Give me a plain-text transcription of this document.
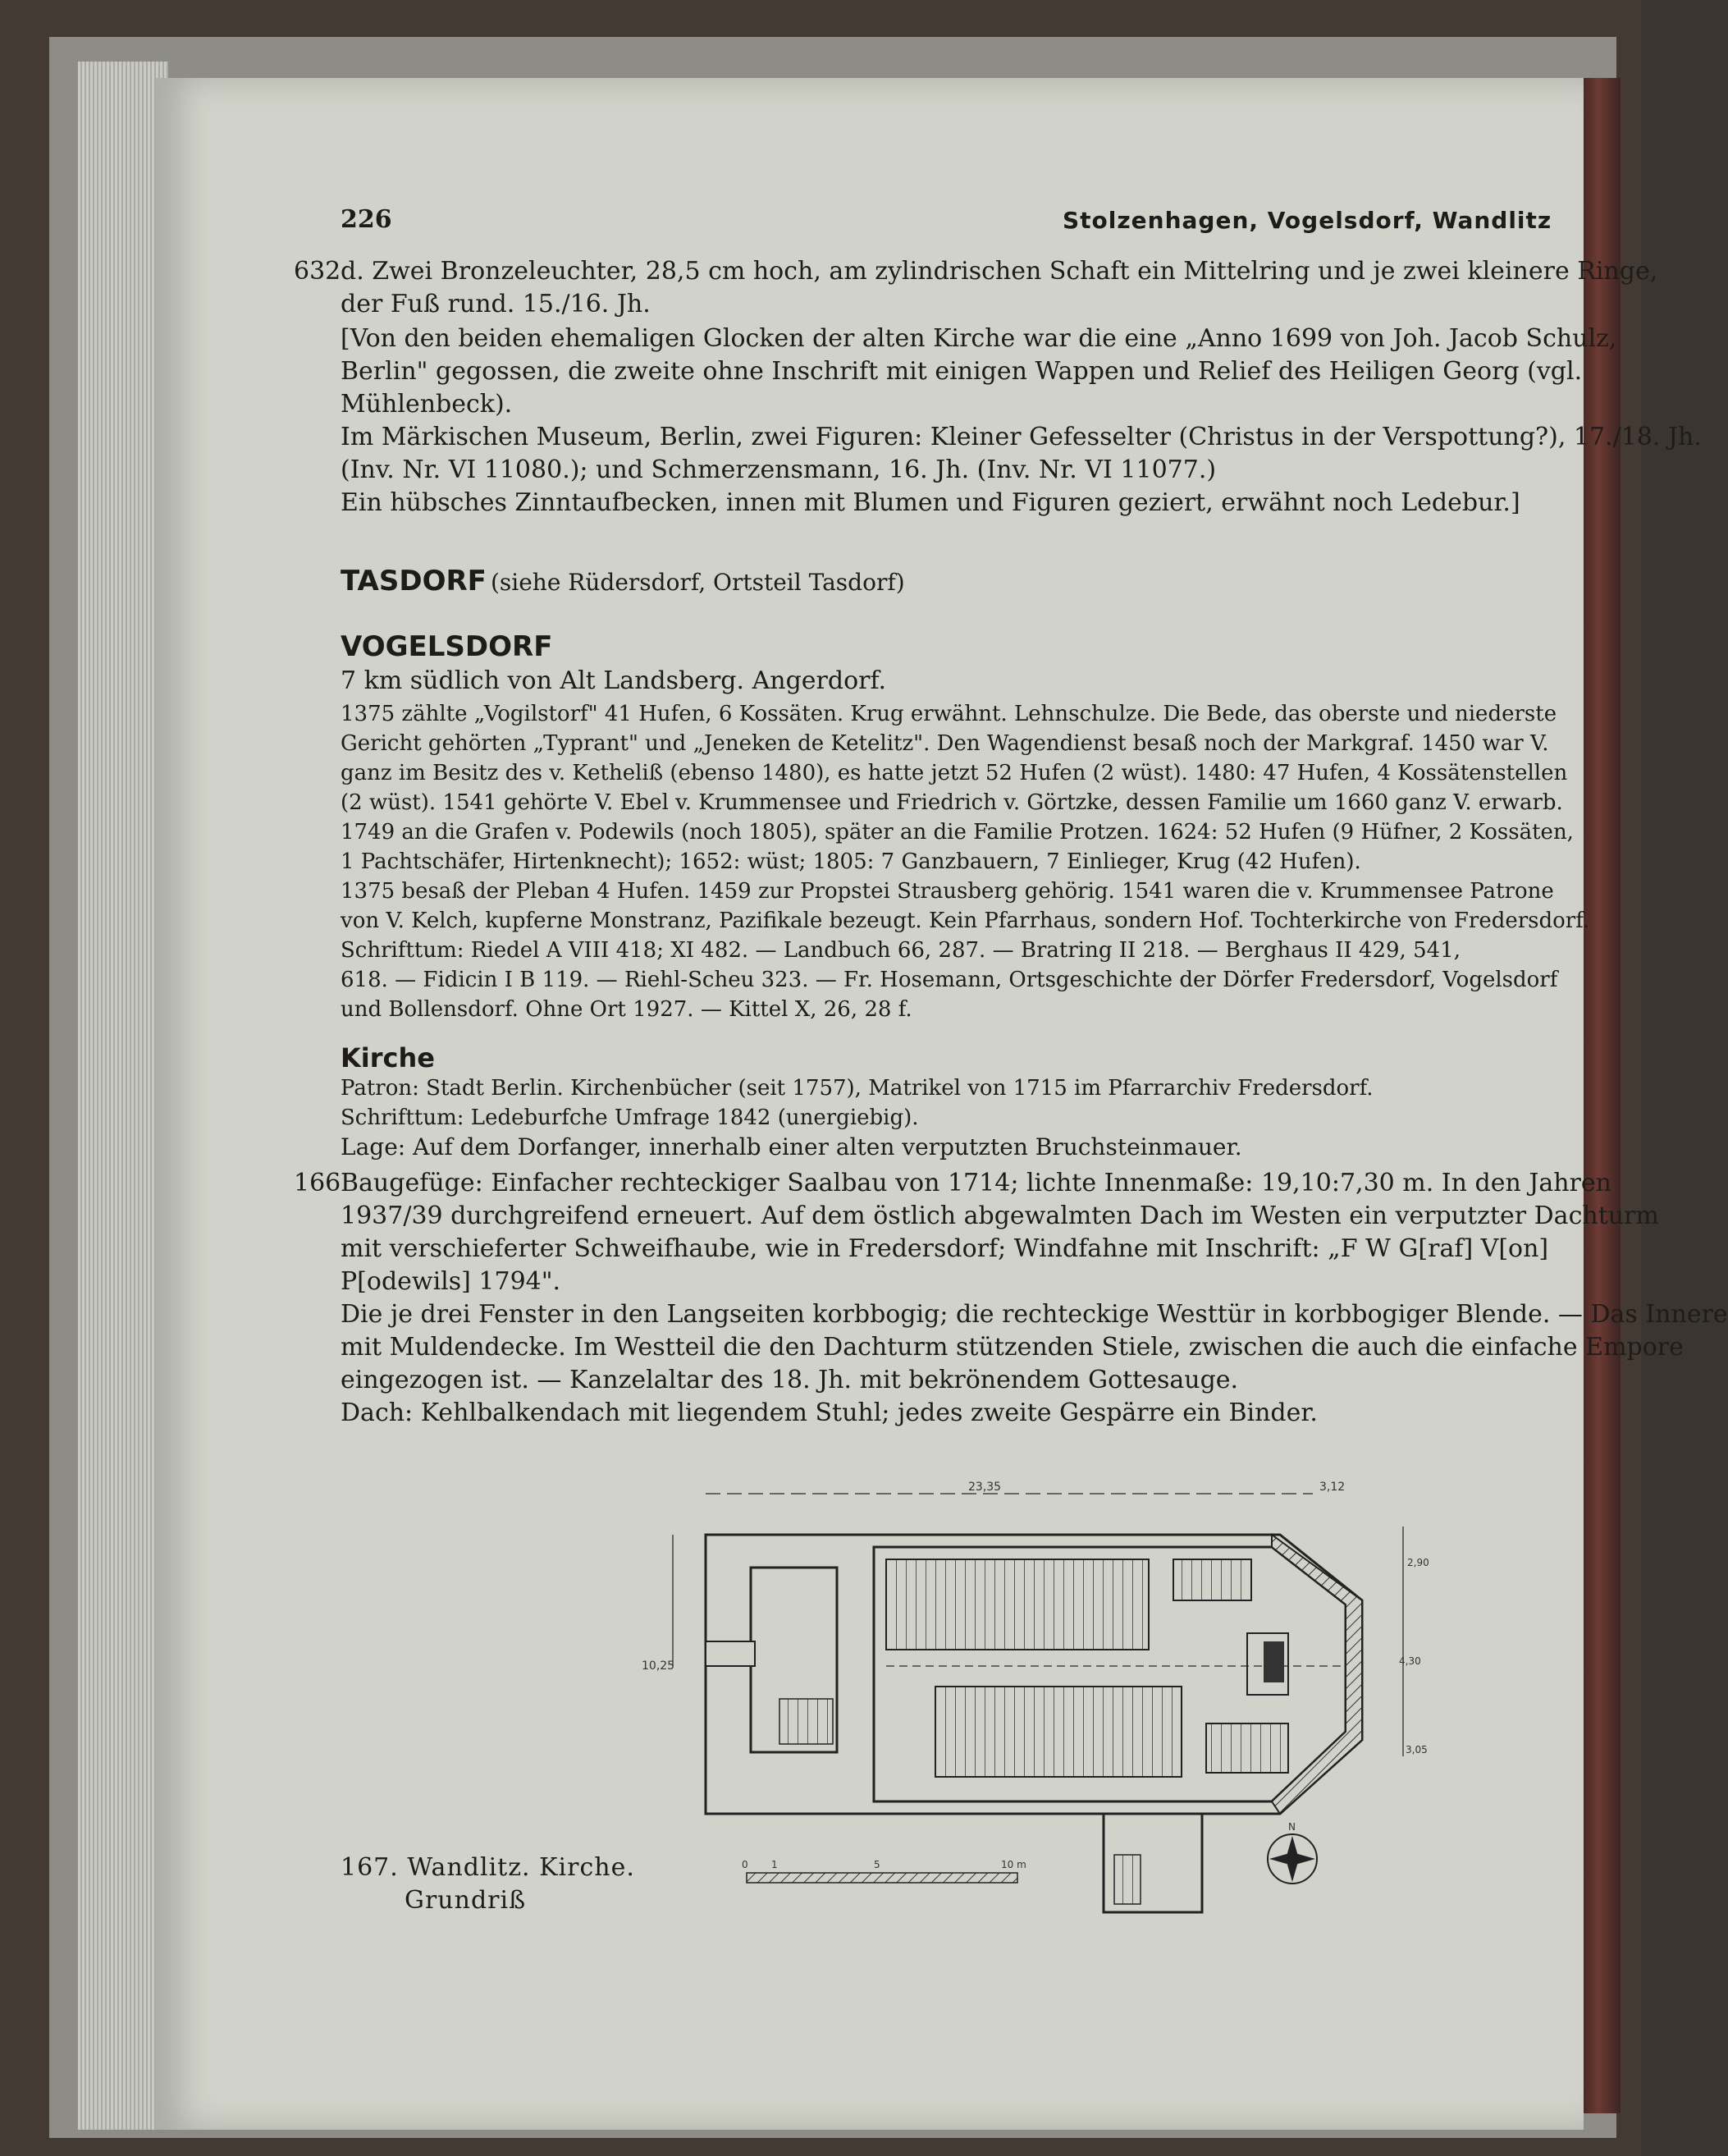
226	Stolzenhagen, Vogelsdorf, Wandlitz
632 d. Zwei Bronzeleuchter, 28,5 cm hoch, am zylindrischen Schaft ein Mittelring und je zwei kleinere Ringe,
der Fuß rund. 15./16. Jh.
[Von den beiden ehemaligen Glocken der alten Kirche war die eine „Anno 1699 von Joh. Jacob Schulz,
Berlin" gegossen, die zweite ohne Inschrift mit einigen Wappen und Relief des Heiligen Georg (vgl.
Mühlenbeck).
Im Märkischen Museum, Berlin, zwei Figuren: Kleiner Gefesselter (Christus in der Verspottung?), 17./18. Jh.
(Inv. Nr. VI 11080.); und Schmerzensmann, 16. Jh. (Inv. Nr. VI 11077.)
Ein hübsches Zinntaufbecken, innen mit Blumen und Figuren geziert, erwähnt noch Ledebur.]
TASDORF (siehe Rüdersdorf, Ortsteil Tasdorf)
VOGELSDORF
7 km südlich von Alt Landsberg. Angerdorf.
1375 zählte „Vogilstorf" 41 Hufen, 6 Kossäten. Krug erwähnt. Lehnschulze. Die Bede, das oberste und niederste
Gericht gehörten „Typrant" und „Jeneken de Ketelitz". Den Wagendienst besaß noch der Markgraf. 1450 war V.
ganz im Besitz des v. Ketheliß (ebenso 1480), es hatte jetzt 52 Hufen (2 wüst). 1480: 47 Hufen, 4 Kossätenstellen
(2 wüst). 1541 gehörte V. Ebel v. Krummensee und Friedrich v. Görtzke, dessen Familie um 1660 ganz V. erwarb.
1749 an die Grafen v. Podewils (noch 1805), später an die Familie Protzen. 1624: 52 Hufen (9 Hüfner, 2 Kossäten,
1 Pachtschäfer, Hirtenknecht); 1652: wüst; 1805: 7 Ganzbauern, 7 Einlieger, Krug (42 Hufen).
1375 besaß der Pleban 4 Hufen. 1459 zur Propstei Strausberg gehörig. 1541 waren die v. Krummensee Patrone
von V. Kelch, kupferne Monstranz, Pazifikale bezeugt. Kein Pfarrhaus, sondern Hof. Tochterkirche von Fredersdorf.
Schrifttum: Riedel A VIII 418; XI 482. — Landbuch 66, 287. — Bratring II 218. — Berghaus II 429, 541,
618. — Fidicin I B 119. — Riehl-Scheu 323. — Fr. Hosemann, Ortsgeschichte der Dörfer Fredersdorf, Vogelsdorf
und Bollensdorf. Ohne Ort 1927. — Kittel X, 26, 28 f.
Kirche
Patron: Stadt Berlin. Kirchenbücher (seit 1757), Matrikel von 1715 im Pfarrarchiv Fredersdorf.
Schrifttum: Ledeburfche Umfrage 1842 (unergiebig).
Lage: Auf dem Dorfanger, innerhalb einer alten verputzten Bruchsteinmauer.
166 Baugefüge: Einfacher rechteckiger Saalbau von 1714; lichte Innenmaße: 19,10:7,30 m. In den Jahren
1937/39 durchgreifend erneuert. Auf dem östlich abgewalmten Dach im Westen ein verputzter Dachturm
mit verschieferter Schweifhaube, wie in Fredersdorf; Windfahne mit Inschrift: „F W G[raf] V[on]
P[odewils] 1794".
Die je drei Fenster in den Langseiten korbbogig; die rechteckige Westtür in korbbogiger Blende. — Das Innere
mit Muldendecke. Im Westteil die den Dachturm stützenden Stiele, zwischen die auch die einfache Empore
eingezogen ist. — Kanzelaltar des 18. Jh. mit bekrönendem Gottesauge.
Dach: Kehlbalkendach mit liegendem Stuhl; jedes zweite Gespärre ein Binder.
23,35	3,12
10,25
2,90
4,30
3,05
0 1	5	10 m
N
167. Wandlitz. Kirche.
Grundriß
